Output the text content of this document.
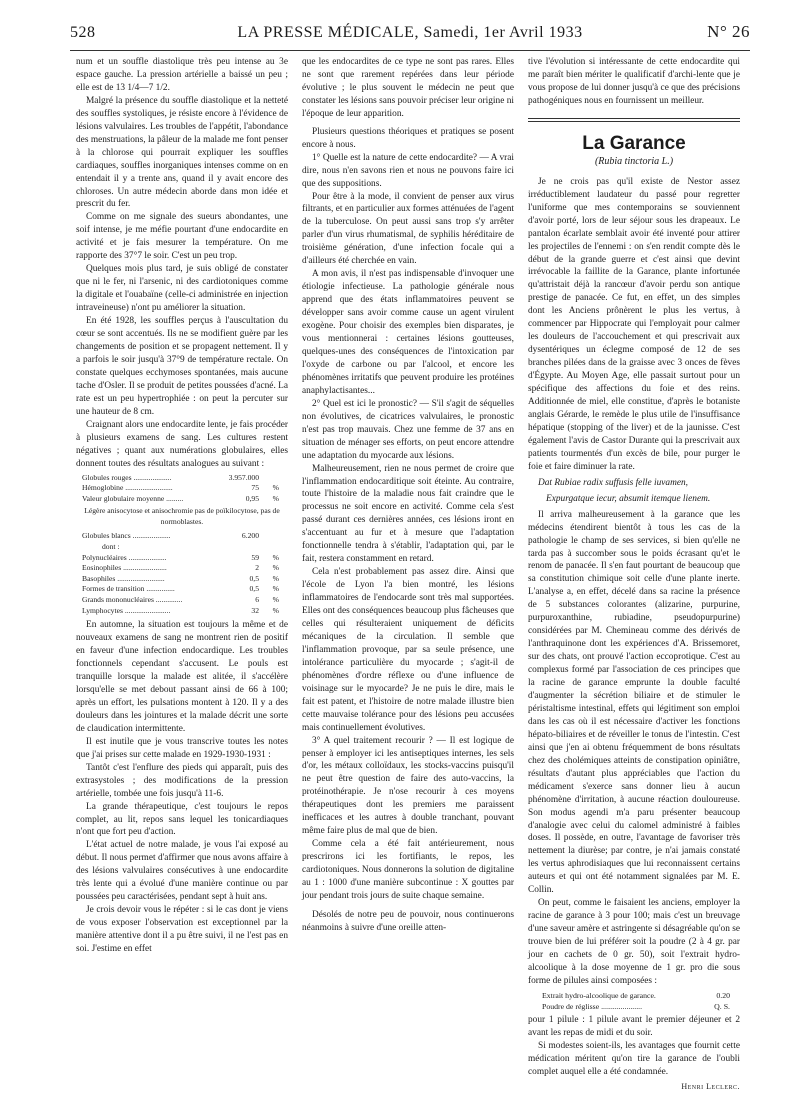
528	LA PRESSE MÉDICALE, Samedi, 1er Avril 1933	N° 26

num et un souffle diastolique très peu intense au 3e espace gauche. La pression artérielle a baissé un peu ; elle est de 13 1/4—7 1/2.

Malgré la présence du souffle diastolique et la netteté des souffles systoliques, je résiste encore à l'évidence de lésions valvulaires. Les troubles de l'appétit, l'abondance des menstruations, la pâleur de la malade me font penser à la chlorose qui pourrait expliquer les souffles cardiaques, souffles inorganiques intenses comme on en entendait il y a trente ans, quand il y avait encore des chloroses. Un autre médecin aborde dans mon idée et prescrit du fer.

Comme on me signale des sueurs abondantes, une soif intense, je me méfie pourtant d'une endocardite en activité et je fais mesurer la température. On me rapporte des 37°7 le soir. C'est un peu trop.

Quelques mois plus tard, je suis obligé de constater que ni le fer, ni l'arsenic, ni des cardiotoniques comme la digitale et l'ouabaïne (celle-ci administrée en injection intraveineuse) n'ont pu améliorer la situation.

En été 1928, les souffles perçus à l'auscultation du cœur se sont accentués. Ils ne se modifient guère par les changements de position et se propagent nettement. Il y a parfois le soir jusqu'à 37°9 de température rectale. On constate quelques ecchymoses spontanées, mais aucune tache d'Osler. Il se produit de petites poussées d'acné. La rate est un peu hypertrophiée : on peut la percuter sur une hauteur de 8 cm.

Craignant alors une endocardite lente, je fais procéder à plusieurs examens de sang. Les cultures restent négatives ; quant aux numérations globulaires, elles donnent toutes des résultats analogues au suivant :

Globules rouges ....................	3.957.000
Hémoglobine .........................	75	%
Valeur globulaire moyenne .........	0,95	%
Légère anisocytose et anisochromie pas de poïkilocytose, pas de normoblastes.
Globules blancs ....................	6.200
dont :
Polynucléaires ....................	59	%
Eosinophiles .......................	2	%
Basophiles .........................	0,5	%
Formes de transition ...............	0,5	%
Grands mononucléaires ..............	6	%
Lymphocytes ........................	32	%

En automne, la situation est toujours la même et de nouveaux examens de sang ne montrent rien de positif en faveur d'une infection endocardique. Les troubles fonctionnels cependant s'accusent. Le pouls est tranquille lorsque la malade est alitée, il s'accélère lorsqu'elle se met debout passant ainsi de 66 à 100; après un effort, les pulsations montent à 120. Il y a des douleurs dans les jointures et la malade décrit une sorte de claudication intermittente.

Il est inutile que je vous transcrive toutes les notes que j'ai prises sur cette malade en 1929-1930-1931 :

Tantôt c'est l'enflure des pieds qui apparaît, puis des extrasystoles ; des modifications de la pression artérielle, tombée une fois jusqu'à 11-6.

La grande thérapeutique, c'est toujours le repos complet, au lit, repos sans lequel les tonicardiaques n'ont que fort peu d'action.

L'état actuel de notre malade, je vous l'ai exposé au début. Il nous permet d'affirmer que nous avons affaire à des lésions valvulaires consécutives à une endocardite très lente qui a évolué d'une manière continue ou par poussées peu caractérisées, pendant sept à huit ans.

Je crois devoir vous le répéter : si le cas dont je viens de vous exposer l'observation est exceptionnel par la manière attentive dont il a pu être suivi, il ne l'est pas en soi. J'estime en effet

que les endocardites de ce type ne sont pas rares. Elles ne sont que rarement repérées dans leur période évolutive ; le plus souvent le médecin ne peut que constater les lésions sans pouvoir préciser leur origine ni l'époque de leur apparition.

Plusieurs questions théoriques et pratiques se posent encore à nous.

1° Quelle est la nature de cette endocardite? — A vrai dire, nous n'en savons rien et nous ne pouvons faire ici que des suppositions.

Pour être à la mode, il convient de penser aux virus filtrants, et en particulier aux formes atténuées de l'agent de la tuberculose. On peut aussi sans trop s'y arrêter parler d'un virus rhumatismal, de syphilis héréditaire de troisième génération, d'une infection focale qui a d'ailleurs été cherchée en vain.

A mon avis, il n'est pas indispensable d'invoquer une étiologie infectieuse. La pathologie générale nous apprend que des états inflammatoires peuvent se développer sans avoir comme cause un agent virulent exogène. Pour choisir des exemples bien disparates, je vous mentionnerai : certaines lésions goutteuses, quelques-unes des conséquences de l'intoxication par l'oxyde de carbone ou par l'alcool, et encore les phénomènes irritatifs que peuvent produire les protéines anaphylactisantes...

2° Quel est ici le pronostic? — S'il s'agit de séquelles non évolutives, de cicatrices valvulaires, le pronostic n'est pas trop mauvais. Chez une femme de 37 ans en situation de ménager ses efforts, on peut encore attendre une adaptation du myocarde aux lésions.

Malheureusement, rien ne nous permet de croire que l'inflammation endocarditique soit éteinte. Au contraire, toute l'histoire de la maladie nous fait craindre que le processus ne soit encore en activité. Comme cela s'est passé durant ces dernières années, ces lésions iront en s'accentuant au fur et à mesure que l'adaptation fonctionnelle tendra à s'établir, l'adaptation qui, par le fait, restera constamment en retard.

Cela n'est probablement pas assez dire. Ainsi que l'école de Lyon l'a bien montré, les lésions inflammatoires de l'endocarde sont très mal supportées. Elles ont des conséquences beaucoup plus fâcheuses que celles qui résulteraient uniquement de déficits mécaniques de la circulation. Il semble que l'inflammation provoque, par sa seule présence, une intolérance particulière du myocarde ; s'agit-il de phénomènes d'ordre réflexe ou d'une influence de voisinage sur le myocarde? Je ne puis le dire, mais le fait est patent, et l'histoire de notre malade illustre bien cette mauvaise tolérance pour des lésions peu accusées mais continuellement évolutives.

3° A quel traitement recourir ? — Il est logique de penser à employer ici les antiseptiques internes, les sels d'or, les métaux colloïdaux, les stocks-vaccins puisqu'il ne peut être question de faire des auto-vaccins, la protéinothérapie. Je n'ose recourir à ces moyens thérapeutiques dont les premiers me paraissent inefficaces et les autres à double tranchant, pouvant même faire plus de mal que de bien.

Comme cela a été fait antérieurement, nous prescrirons ici les fortifiants, le repos, les cardiotoniques. Nous donnerons la solution de digitaline au 1 : 1000 d'une manière subcontinue : X gouttes par jour pendant trois jours de suite chaque semaine.

Désolés de notre peu de pouvoir, nous continuerons néanmoins à suivre d'une oreille atten-

tive l'évolution si intéressante de cette endocardite qui me paraît bien mériter le qualificatif d'archi-lente que je vous propose de lui donner jusqu'à ce que des précisions pathogéniques nous en fournissent un meilleur.

La Garance
(Rubia tinctoria L.)

Je ne crois pas qu'il existe de Nestor assez irréductiblement laudateur du passé pour regretter l'uniforme que mes contemporains se souviennent d'avoir porté, lors de leur séjour sous les drapeaux. Le pantalon écarlate semblait avoir été inventé pour attirer les projectiles de l'ennemi : on s'en rendit compte dès le début de la grande guerre et c'est ainsi que devint irrévocable la faillite de la Garance, plante infortunée qu'attristait déjà la rancœur d'avoir perdu son antique prestige de panacée. Ce fut, en effet, un des simples dont les Anciens prônèrent le plus les vertus, à commencer par Hippocrate qui l'employait pour calmer les douleurs de l'accouchement et qui prescrivait aux dysentériques un éclegme composé de 12 de ses branches pilées dans de la graisse avec 3 onces de fèves d'Égypte. Au Moyen Age, elle passait surtout pour un spécifique des affections du foie et des reins. Additionnée de miel, elle constitue, d'après le botaniste anglais Gérarde, le remède le plus utile de l'insuffisance hépatique (stopping of the liver) et de la jaunisse. C'est également l'avis de Castor Durante qui la prescrivait aux patients tourmentés d'un excès de bile, pour purger le foie et faire diminuer la rate.

Dat Rubiae radix suffusis felle iuvamen,

Expurgatque iecur, absumit itemque lienem.

Il arriva malheureusement à la garance que les médecins étendirent bientôt à tous les cas de la pathologie le champ de ses services, si bien qu'elle ne tarda pas à succomber sous le poids écrasant qu'et le renom de panacée. Il s'en faut pourtant de beaucoup que sa constitution chimique soit celle d'une plante inerte. L'analyse a, en effet, décelé dans sa racine la présence de 5 substances colorantes (alizarine, purpurine, purpuroxanthine, rubiadine, pseudopurpurine) considérées par M. Chemineau comme des dérivés de l'anthraquinone dont les expériences d'A. Brissemoret, sur des chats, ont prouvé l'action eccoprotique. C'est au complexus formé par l'association de ces principes que la racine de garance emprunte la double faculté d'augmenter la sécrétion biliaire et de stimuler le péristaltisme intestinal, effets qui légitiment son emploi dans les cas où il est nécessaire d'activer les fonctions hépato-biliaires et de réveiller le tonus de l'intestin. C'est ainsi que j'en ai obtenu fréquemment de bons résultats chez des cholémiques atteints de constipation opiniâtre, résultats d'autant plus appréciables que l'action du médicament s'exerce sans donner lieu à aucun phénomène d'irritation, à aucune réaction douloureuse. Son modus agendi m'a paru présenter beaucoup d'analogie avec celui du calomel administré à faibles doses. Il possède, en outre, l'avantage de favoriser très nettement la diurèse; par contre, je n'ai jamais constaté les vertus aphrodisiaques que lui reconnaissent certains auteurs et qui ont été notamment signalées par M. E. Collin.

On peut, comme le faisaient les anciens, employer la racine de garance à 3 pour 100; mais c'est un breuvage d'une saveur amère et astringente si désagréable qu'on se trouve bien de lui préférer soit la poudre (2 à 4 gr. par jour en cachets de 0 gr. 50), soit l'extrait hydro-alcoolique à la dose moyenne de 1 gr. pro die sous forme de pilules ainsi composées :

Extrait hydro-alcoolique de garance.	0.20
Poudre de réglisse .....................	Q. S.

pour 1 pilule : 1 pilule avant le premier déjeuner et 2 avant les repas de midi et du soir.

Si modestes soient-ils, les avantages que fournit cette médication méritent qu'on tire la garance de l'oubli complet auquel elle a été condamnée.

Henri Leclerc.
